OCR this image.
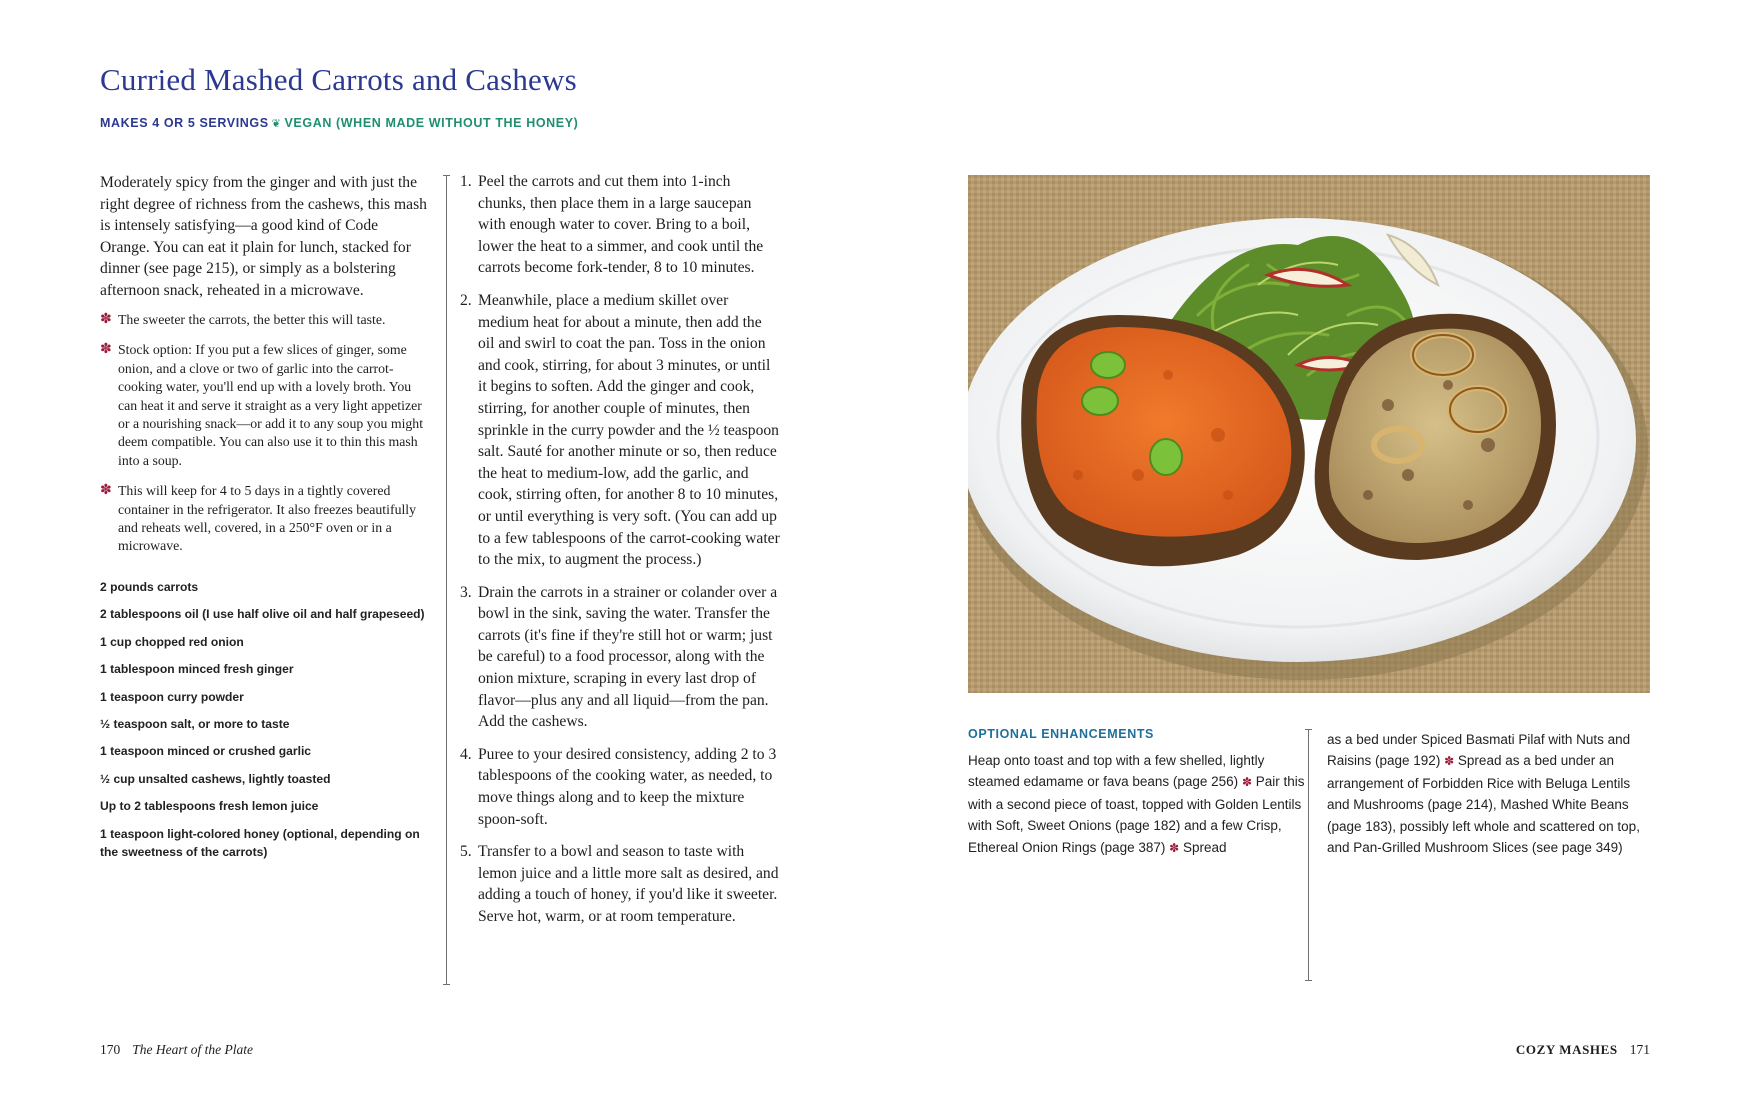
Curried Mashed Carrots and Cashews
MAKES 4 OR 5 SERVINGS ❦ VEGAN (WHEN MADE WITHOUT THE HONEY)

Moderately spicy from the ginger and with just the right degree of richness from the cashews, this mash is intensely satisfying—a good kind of Code Orange. You can eat it plain for lunch, stacked for dinner (see page 215), or simply as a bolstering afternoon snack, reheated in a microwave.

✽ The sweeter the carrots, the better this will taste.
✽ Stock option: If you put a few slices of ginger, some onion, and a clove or two of garlic into the carrot-cooking water, you'll end up with a lovely broth. You can heat it and serve it straight as a very light appetizer or a nourishing snack—or add it to any soup you might deem compatible. You can also use it to thin this mash into a soup.
✽ This will keep for 4 to 5 days in a tightly covered container in the refrigerator. It also freezes beautifully and reheats well, covered, in a 250°F oven or in a microwave.
2 pounds carrots
2 tablespoons oil (I use half olive oil and half grapeseed)
1 cup chopped red onion
1 tablespoon minced fresh ginger
1 teaspoon curry powder
½ teaspoon salt, or more to taste
1 teaspoon minced or crushed garlic
½ cup unsalted cashews, lightly toasted
Up to 2 tablespoons fresh lemon juice
1 teaspoon light-colored honey (optional, depending on the sweetness of the carrots)
1. Peel the carrots and cut them into 1-inch chunks, then place them in a large saucepan with enough water to cover. Bring to a boil, lower the heat to a simmer, and cook until the carrots become fork-tender, 8 to 10 minutes.
2. Meanwhile, place a medium skillet over medium heat for about a minute, then add the oil and swirl to coat the pan. Toss in the onion and cook, stirring, for about 3 minutes, or until it begins to soften. Add the ginger and cook, stirring, for another couple of minutes, then sprinkle in the curry powder and the ½ teaspoon salt. Sauté for another minute or so, then reduce the heat to medium-low, add the garlic, and cook, stirring often, for another 8 to 10 minutes, or until everything is very soft. (You can add up to a few tablespoons of the carrot-cooking water to the mix, to augment the process.)
3. Drain the carrots in a strainer or colander over a bowl in the sink, saving the water. Transfer the carrots (it's fine if they're still hot or warm; just be careful) to a food processor, along with the onion mixture, scraping in every last drop of flavor—plus any and all liquid—from the pan. Add the cashews.
4. Puree to your desired consistency, adding 2 to 3 tablespoons of the cooking water, as needed, to move things along and to keep the mixture spoon-soft.
5. Transfer to a bowl and season to taste with lemon juice and a little more salt as desired, and adding a touch of honey, if you'd like it sweeter. Serve hot, warm, or at room temperature.
OPTIONAL ENHANCEMENTS
Heap onto toast and top with a few shelled, lightly steamed edamame or fava beans (page 256) ✽ Pair this with a second piece of toast, topped with Golden Lentils with Soft, Sweet Onions (page 182) and a few Crisp, Ethereal Onion Rings (page 387) ✽ Spread
as a bed under Spiced Basmati Pilaf with Nuts and Raisins (page 192) ✽ Spread as a bed under an arrangement of Forbidden Rice with Beluga Lentils and Mushrooms (page 214), Mashed White Beans (page 183), possibly left whole and scattered on top, and Pan-Grilled Mushroom Slices (see page 349)
170 The Heart of the Plate	COZY MASHES 171
